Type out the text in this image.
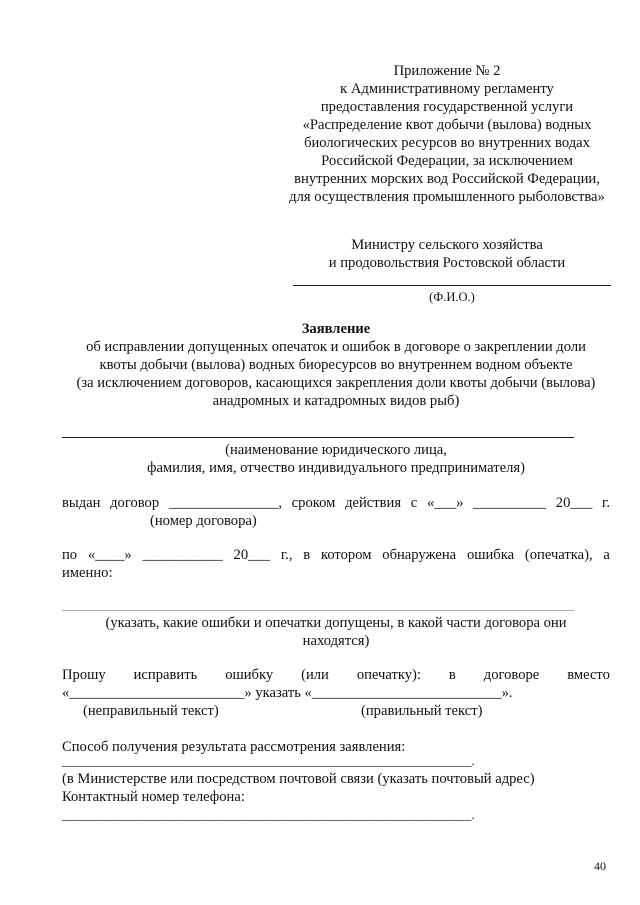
Приложение № 2
к Административному регламенту
предоставления государственной услуги
«Распределение квот добычи (вылова) водных
биологических ресурсов во внутренних водах
Российской Федерации, за исключением
внутренних морских вод Российской Федерации,
для осуществления промышленного рыболовства»
Министру сельского хозяйства
и продовольствия Ростовской области
(Ф.И.О.)
Заявление
об исправлении допущенных опечаток и ошибок в договоре о закреплении доли
квоты добычи (вылова) водных биоресурсов во внутреннем водном объекте
(за исключением договоров, касающихся закрепления доли квоты добычи (вылова)
анадромных и катадромных видов рыб)
(наименование юридического лица,
фамилия, имя, отчество индивидуального предпринимателя)
выдан договор _______________, сроком действия с «___» __________ 20___ г.
(номер договора)
по «____» ___________ 20___ г., в котором обнаружена ошибка (опечатка), а
именно:
(указать, какие ошибки и опечатки допущены, в какой части договора они
находятся)
Прошу исправить ошибку (или опечатку): в договоре вместо
«________________________» указать «__________________________».
(неправильный текст)	(правильный текст)
Способ получения результата рассмотрения заявления:
_______________________________________________________________.
(в Министерстве или посредством почтовой связи (указать почтовый адрес)
Контактный номер телефона:
_______________________________________________________________.
40
